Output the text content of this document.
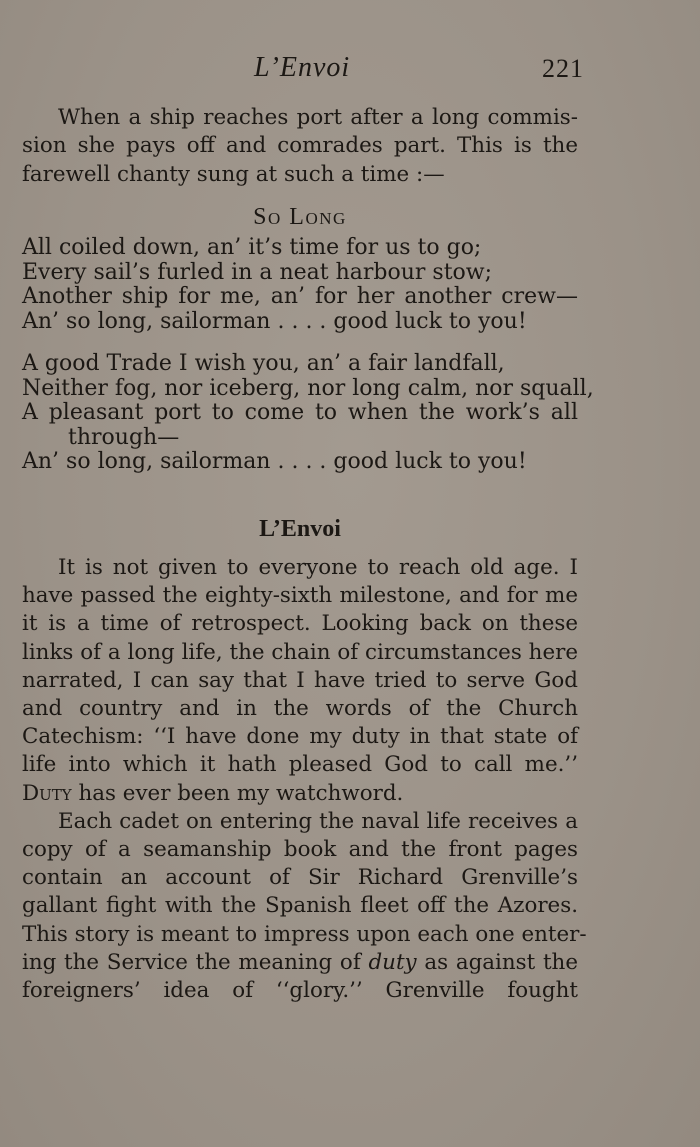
L’Envoi	221
When a ship reaches port after a long commis-
sion she pays off and comrades part. This is the
farewell chanty sung at such a time :—
So Long
All coiled down, an’ it’s time for us to go;
Every sail’s furled in a neat harbour stow;
Another ship for me, an’ for her another crew—
An’ so long, sailorman . . . . good luck to you!
A good Trade I wish you, an’ a fair landfall,
Neither fog, nor iceberg, nor long calm, nor squall,
A pleasant port to come to when the work’s all
through—
An’ so long, sailorman . . . . good luck to you!
L’Envoi
It is not given to everyone to reach old age. I
have passed the eighty-sixth milestone, and for me
it is a time of retrospect. Looking back on these
links of a long life, the chain of circumstances here
narrated, I can say that I have tried to serve God
and country and in the words of the Church
Catechism: ‘‘I have done my duty in that state of
life into which it hath pleased God to call me.’’
Duty has ever been my watchword.
Each cadet on entering the naval life receives a
copy of a seamanship book and the front pages
contain an account of Sir Richard Grenville’s
gallant fight with the Spanish fleet off the Azores.
This story is meant to impress upon each one enter-
ing the Service the meaning of duty as against the
foreigners’ idea of ‘‘glory.’’ Grenville fought
